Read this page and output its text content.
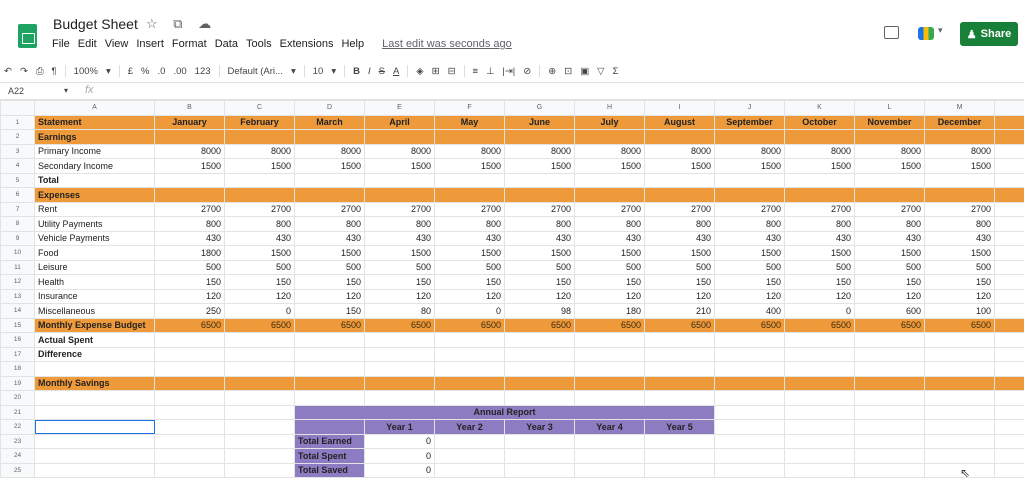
Budget Sheet ☆ ⧉ ☁
File Edit View Insert Format Data Tools Extensions Help Last edit was seconds ago
▾ ♟ Share
↶ ↷ ⎙ ¶ 100% ▾ £ % .0 .00 123 Default (Ari... ▾ 10 ▾ B I S A ◈ ⊞ ⊟ ≡ ⊥ |⇥| ⊘ ⊕ ⊡ ▣ ▽ Σ
A22	▾ fx
	A	B	C	D	E	F	G	H	I	J	K	L	M	
1	Statement	January	February	March	April	May	June	July	August	September	October	November	December	
2	Earnings													
3	Primary Income	8000	8000	8000	8000	8000	8000	8000	8000	8000	8000	8000	8000	
4	Secondary Income	1500	1500	1500	1500	1500	1500	1500	1500	1500	1500	1500	1500	
5	Total													
6	Expenses													
7	Rent	2700	2700	2700	2700	2700	2700	2700	2700	2700	2700	2700	2700	
8	Utility Payments	800	800	800	800	800	800	800	800	800	800	800	800	
9	Vehicle Payments	430	430	430	430	430	430	430	430	430	430	430	430	
10	Food	1800	1500	1500	1500	1500	1500	1500	1500	1500	1500	1500	1500	
11	Leisure	500	500	500	500	500	500	500	500	500	500	500	500	
12	Health	150	150	150	150	150	150	150	150	150	150	150	150	
13	Insurance	120	120	120	120	120	120	120	120	120	120	120	120	
14	Miscellaneous	250	0	150	80	0	98	180	210	400	0	600	100	
15	Monthly Expense Budget	6500	6500	6500	6500	6500	6500	6500	6500	6500	6500	6500	6500	
16	Actual Spent													
17	Difference													
18														
19	Monthly Savings													
20														
21				Annual Report										
22					Year 1	Year 2	Year 3	Year 4	Year 5					
23				Total Earned	0									
24				Total Spent	0									
25				Total Saved	0										⇖
